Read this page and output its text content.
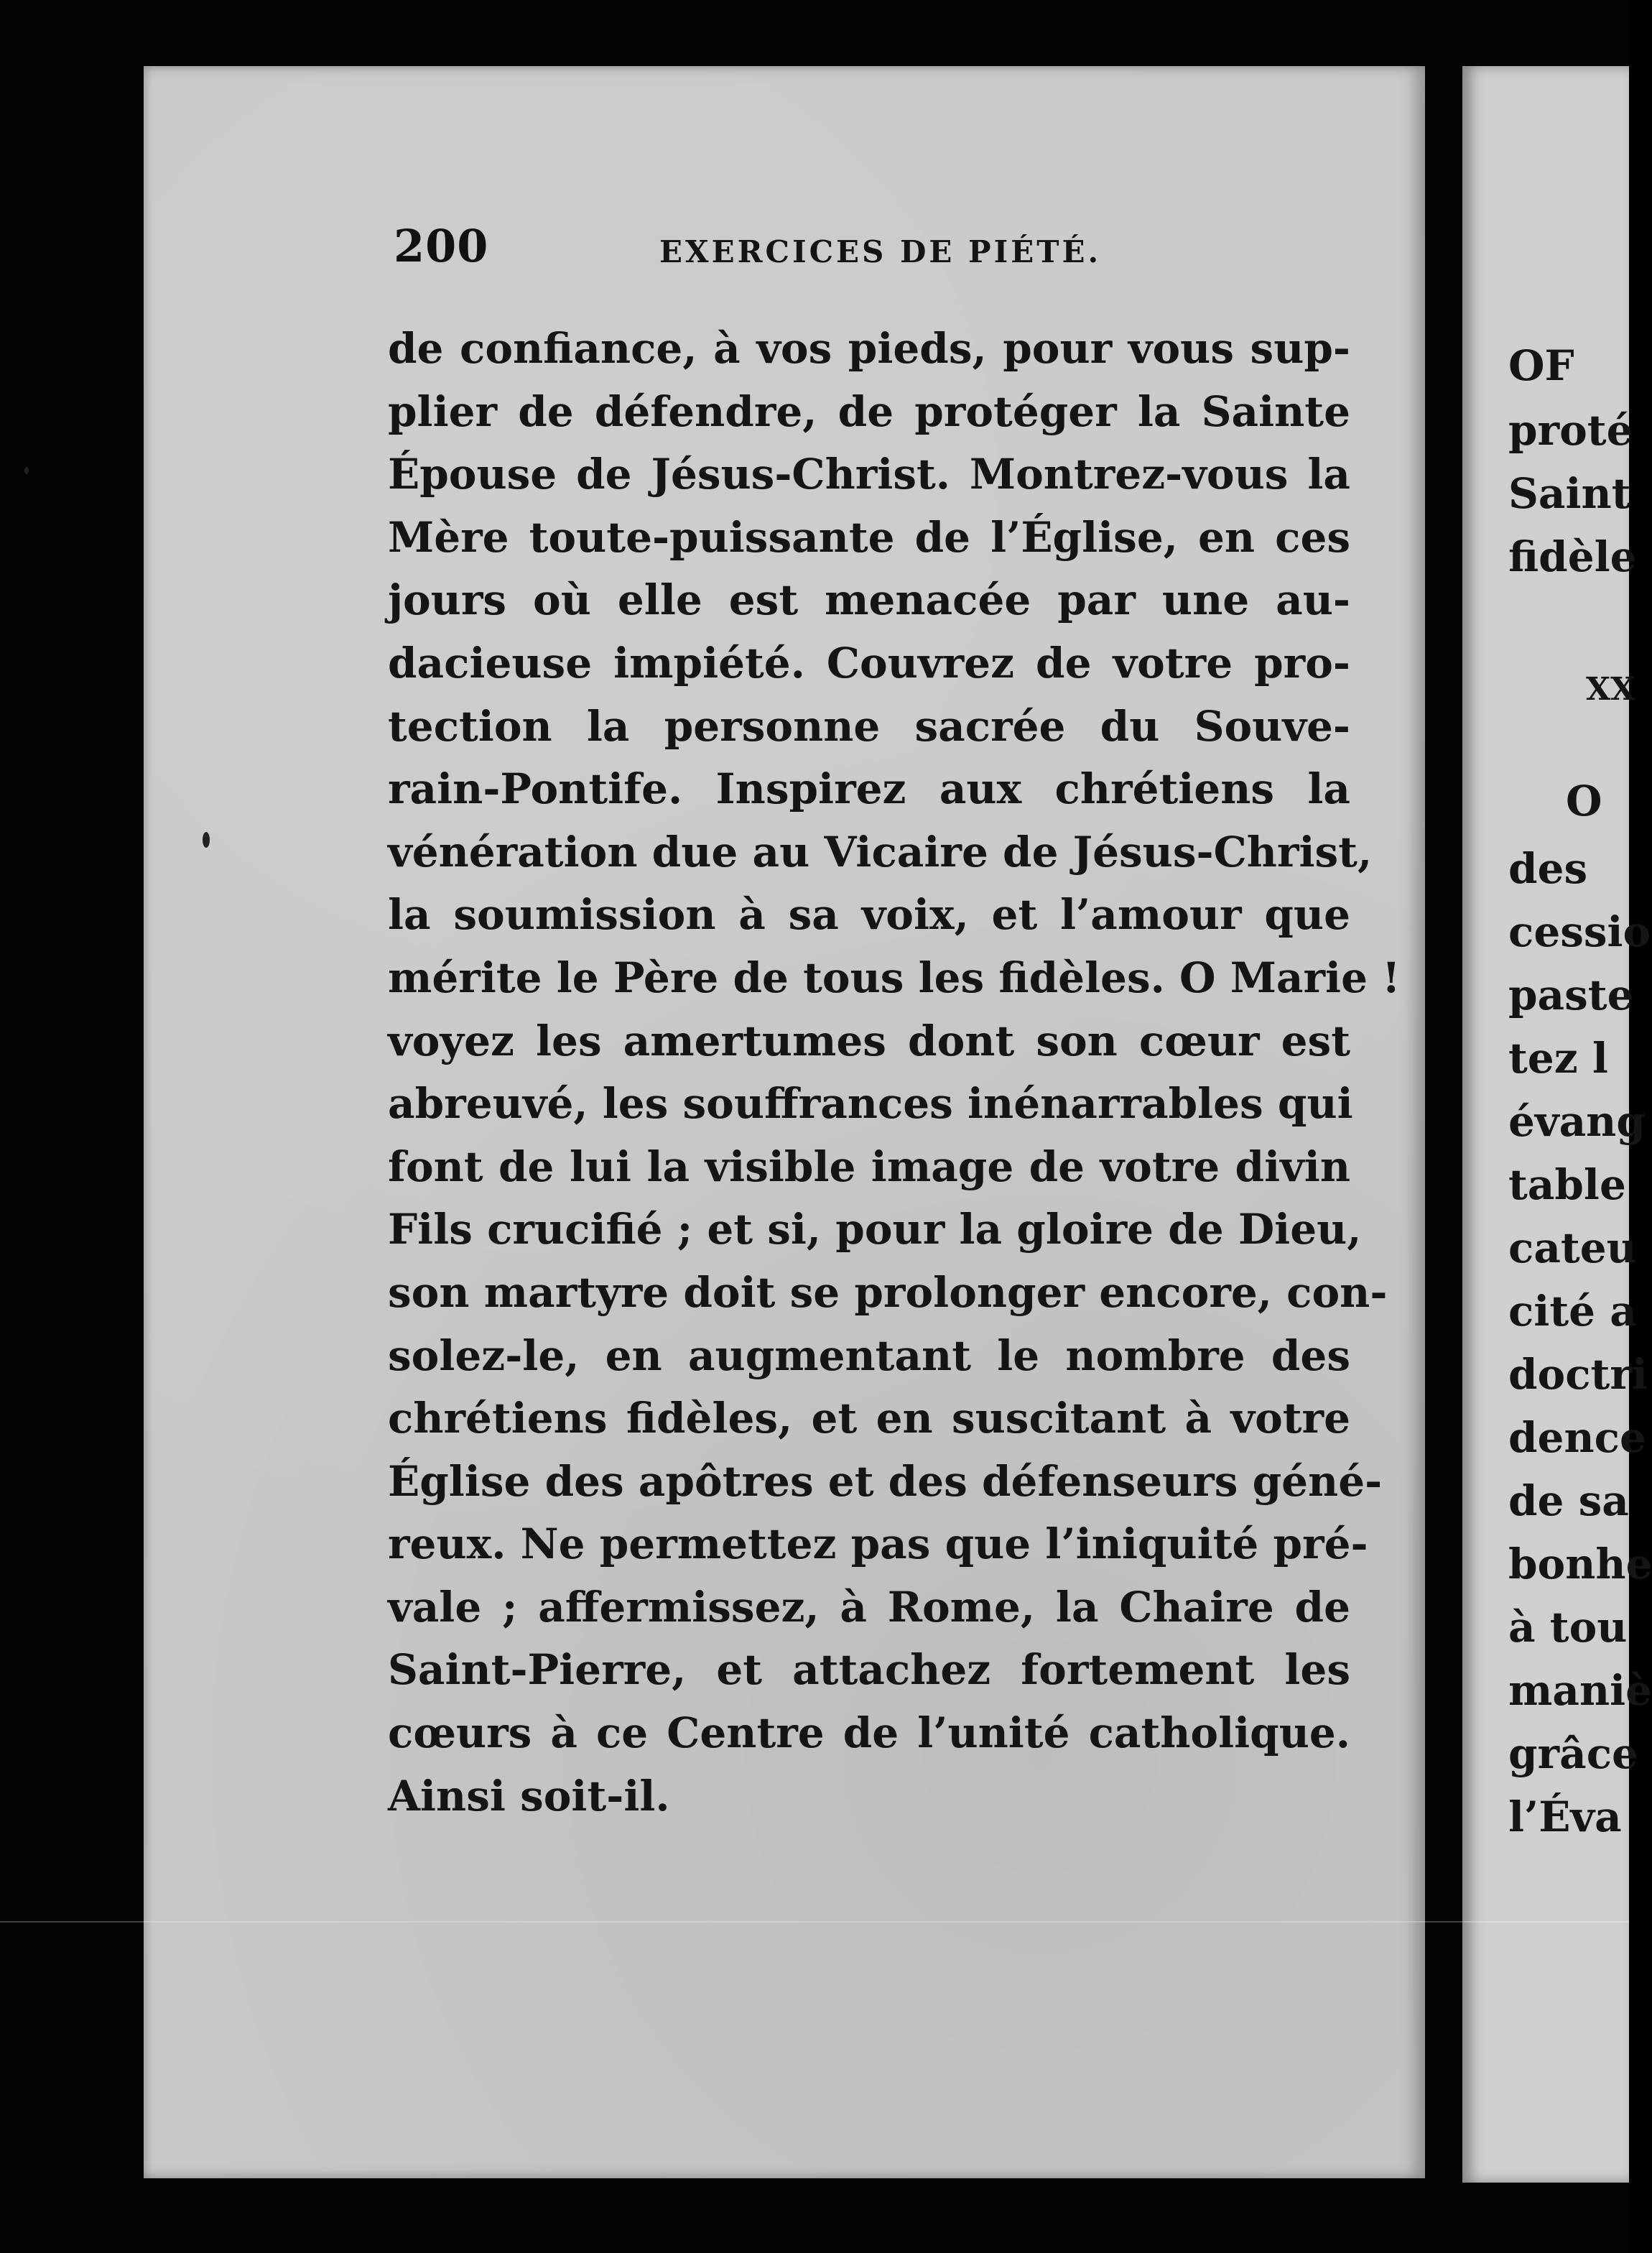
OF
proté
Saint
fidèle
XX
O
des
cessio
paste
tez l
évang
table
cateu
cité a
doctri
dence
de sa
bonhe
à tou
maniè
grâce
l’Éva
200	EXERCICES DE PIÉTÉ.
de confiance, à vos pieds, pour vous sup-
plier de défendre, de protéger la Sainte
Épouse de Jésus-Christ. Montrez-vous la
Mère toute-puissante de l’Église, en ces
jours où elle est menacée par une au-
dacieuse impiété. Couvrez de votre pro-
tection la personne sacrée du Souve-
rain-Pontife. Inspirez aux chrétiens la
vénération due au Vicaire de Jésus-Christ,
la soumission à sa voix, et l’amour que
mérite le Père de tous les fidèles. O Marie !
voyez les amertumes dont son cœur est
abreuvé, les souffrances inénarrables qui
font de lui la visible image de votre divin
Fils crucifié ; et si, pour la gloire de Dieu,
son martyre doit se prolonger encore, con-
solez-le, en augmentant le nombre des
chrétiens fidèles, et en suscitant à votre
Église des apôtres et des défenseurs géné-
reux. Ne permettez pas que l’iniquité pré-
vale ; affermissez, à Rome, la Chaire de
Saint-Pierre, et attachez fortement les
cœurs à ce Centre de l’unité catholique.
Ainsi soit-il.
